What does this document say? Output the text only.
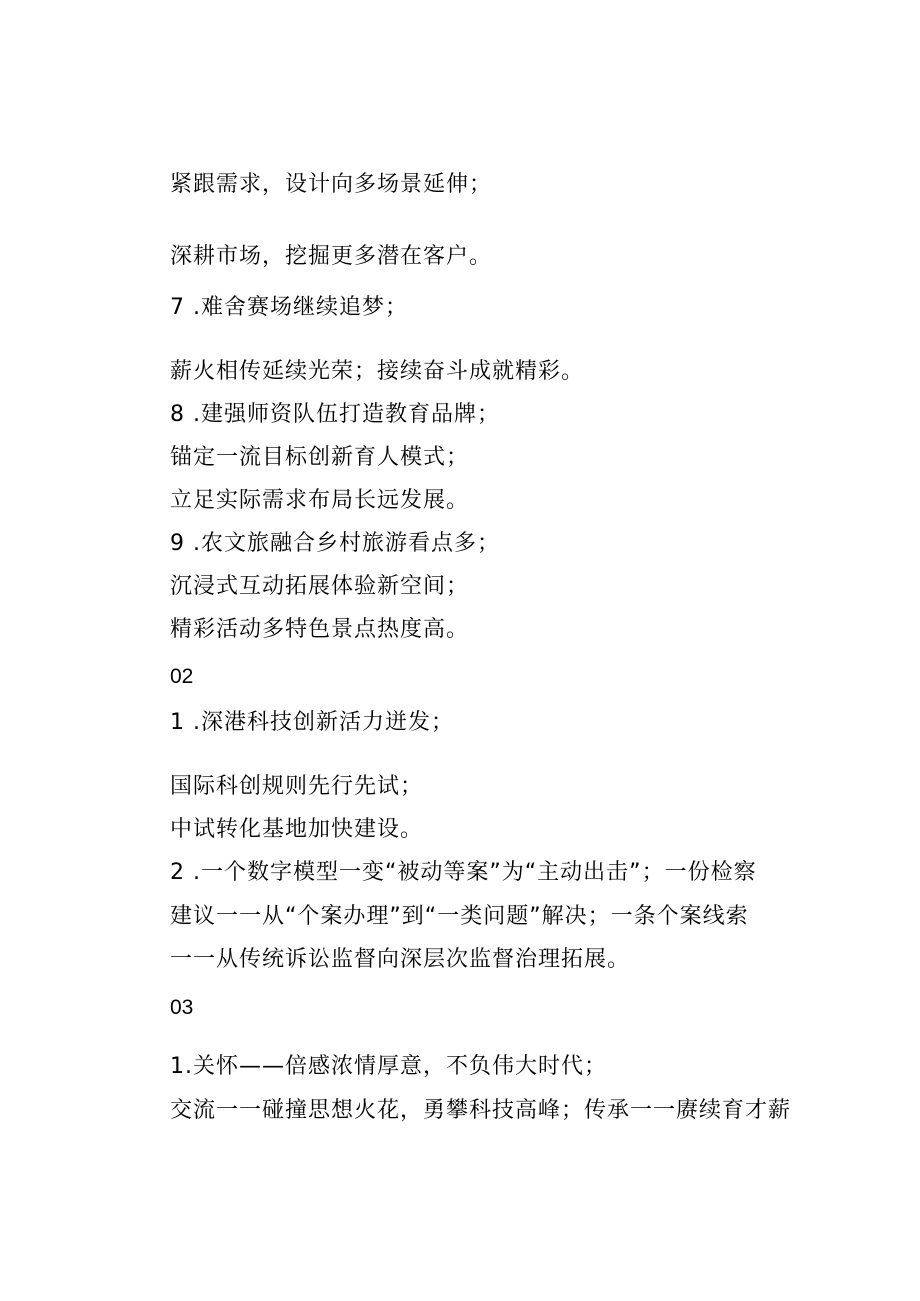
紧跟需求，设计向多场景延伸；
深耕市场，挖掘更多潜在客户。
7 .难舍赛场继续追梦；
薪火相传延续光荣；接续奋斗成就精彩。
8 .建强师资队伍打造教育品牌；
锚定一流目标创新育人模式；
立足实际需求布局长远发展。
9 .农文旅融合乡村旅游看点多；
沉浸式互动拓展体验新空间；
精彩活动多特色景点热度高。
02
1 .深港科技创新活力迸发；
国际科创规则先行先试；
中试转化基地加快建设。
2 .一个数字模型一变“被动等案”为“主动出击”；一份检察
建议一一从“个案办理”到“一类问题”解决；一条个案线索
一一从传统诉讼监督向深层次监督治理拓展。
03
1.关怀——倍感浓情厚意，不负伟大时代；
交流一一碰撞思想火花，勇攀科技高峰；传承一一赓续育才薪
